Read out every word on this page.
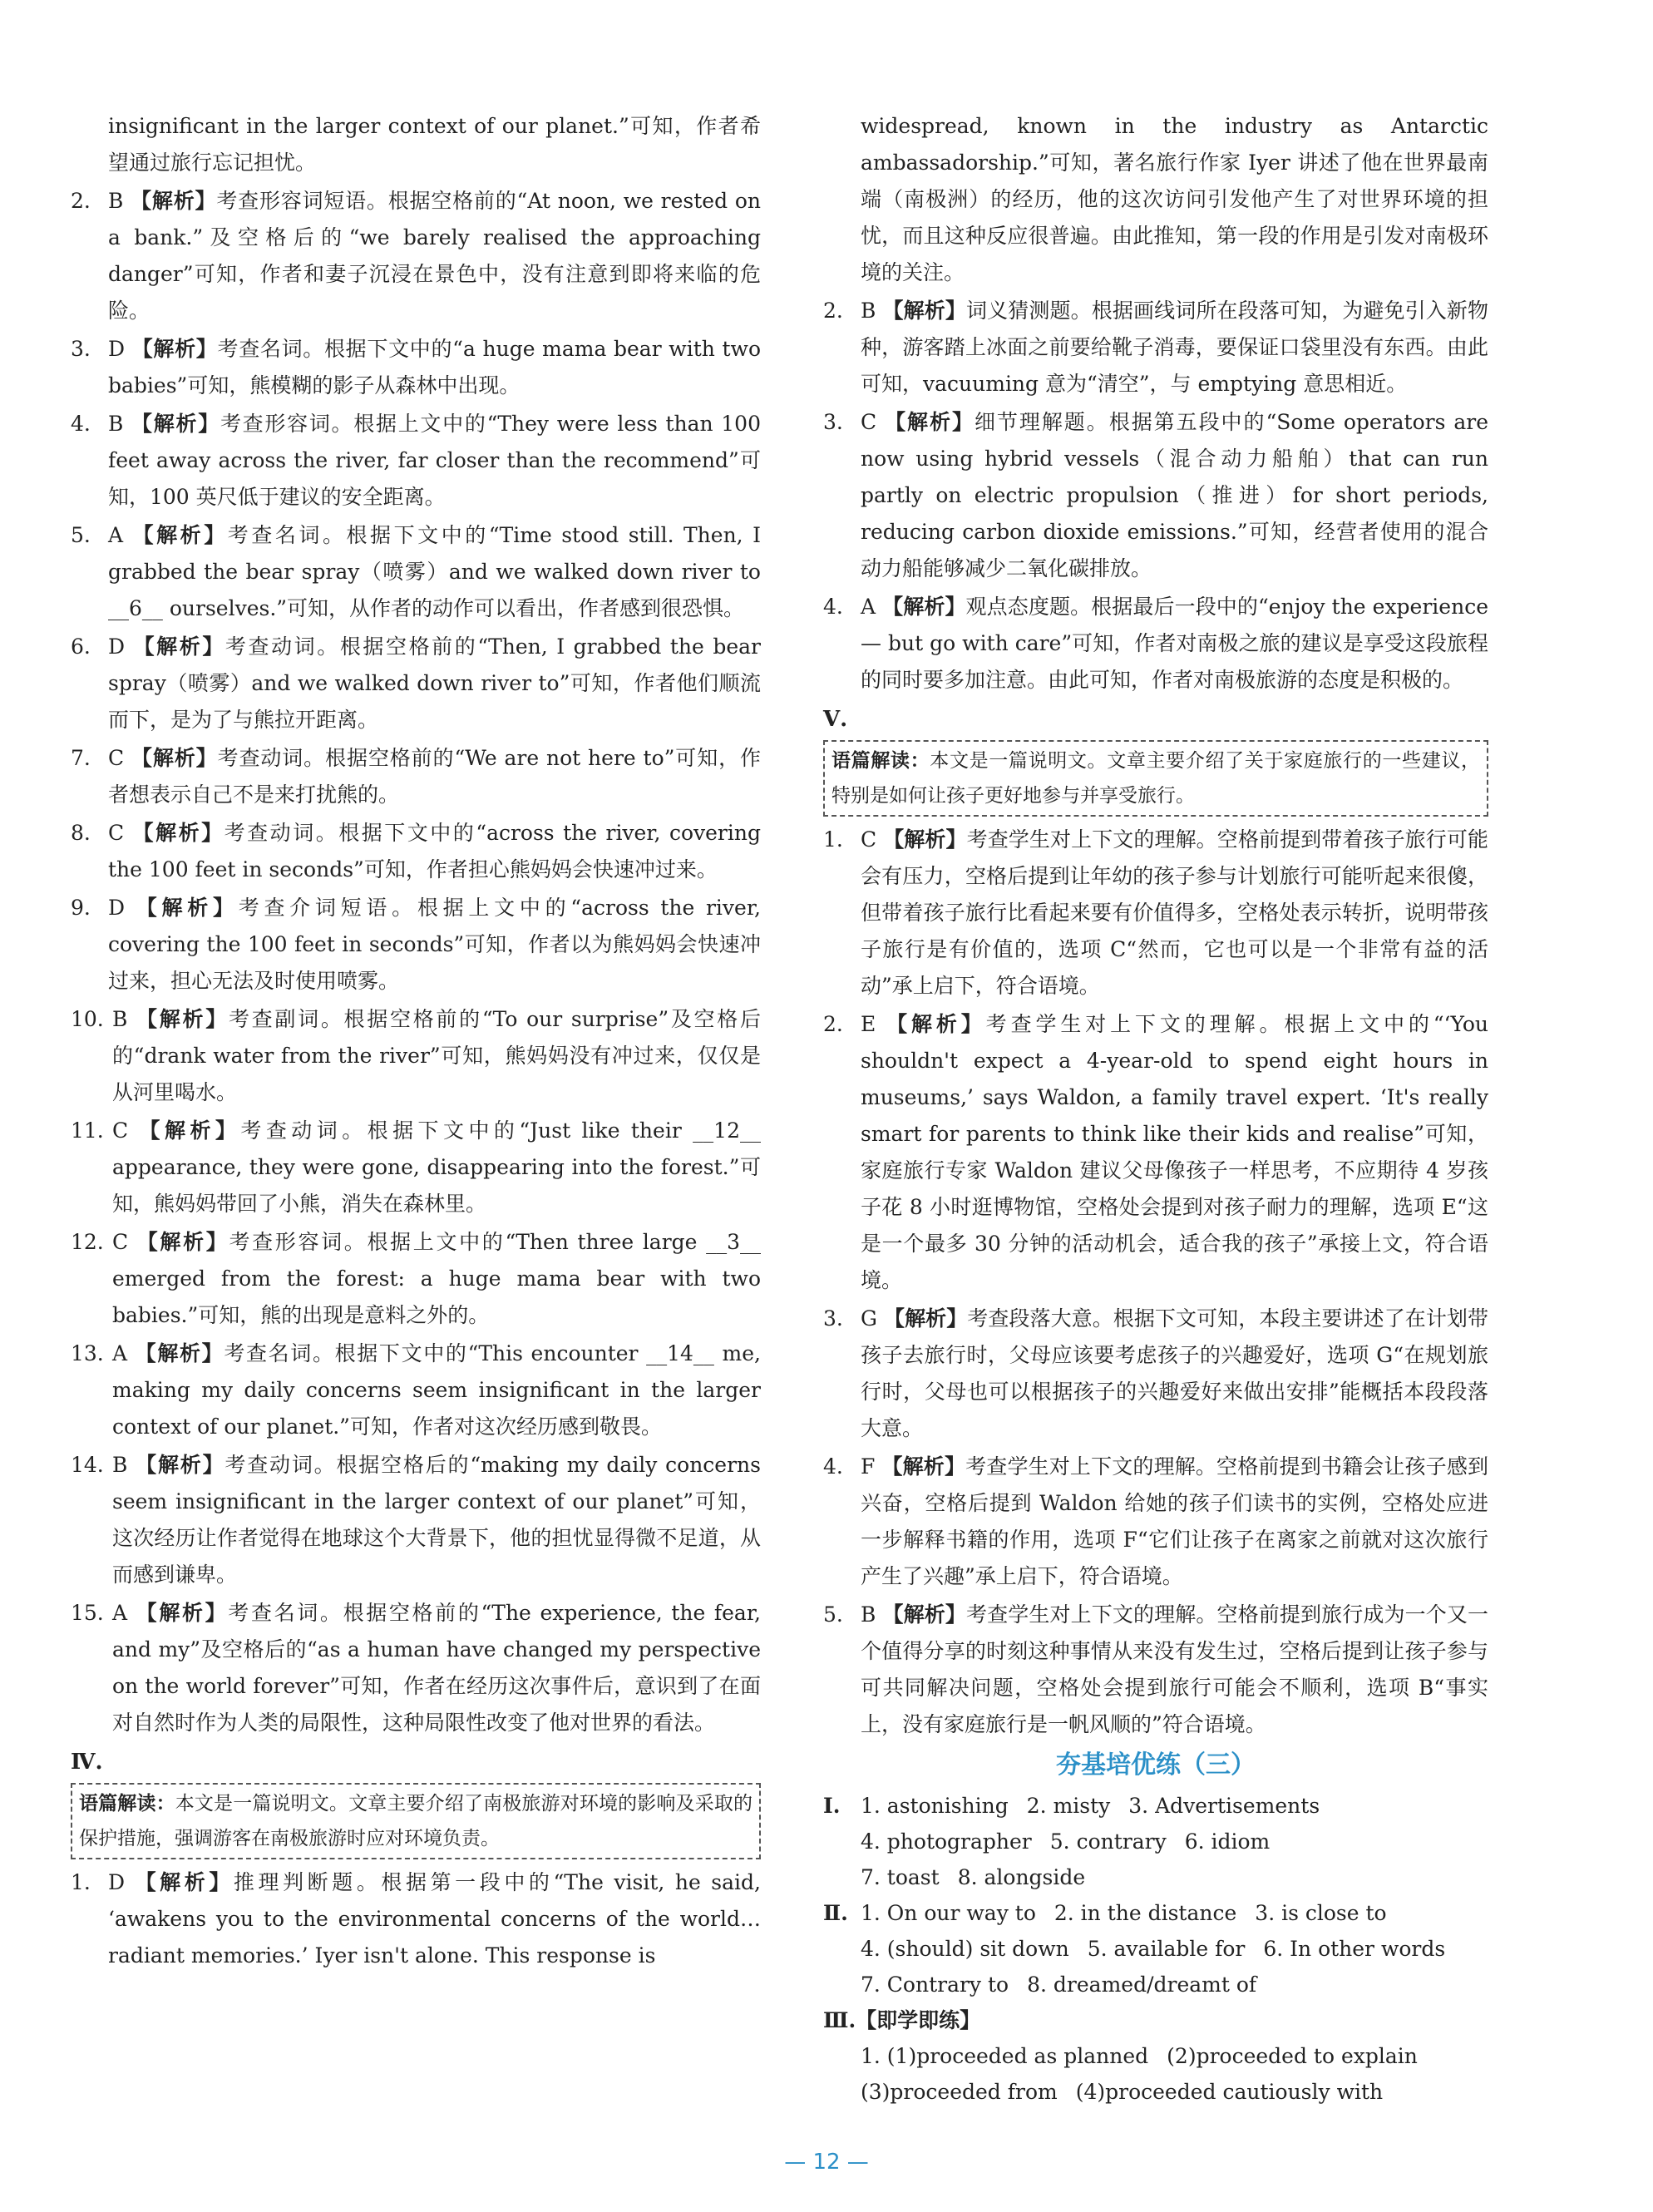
insignificant in the larger context of our planet.”可知，作者希望通过旅行忘记担忧。
2. B 【解析】考查形容词短语。根据空格前的“At noon, we rested on a bank.”及空格后的“we barely realised the approaching danger”可知，作者和妻子沉浸在景色中，没有注意到即将来临的危险。
3. D 【解析】考查名词。根据下文中的“a huge mama bear with two babies”可知，熊模糊的影子从森林中出现。
4. B 【解析】考查形容词。根据上文中的“They were less than 100 feet away across the river, far closer than the recommend”可知，100 英尺低于建议的安全距离。
5. A 【解析】考查名词。根据下文中的“Time stood still. Then, I grabbed the bear spray（喷雾）and we walked down river to __6__ ourselves.”可知，从作者的动作可以看出，作者感到很恐惧。
6. D 【解析】考查动词。根据空格前的“Then, I grabbed the bear spray（喷雾）and we walked down river to”可知，作者他们顺流而下，是为了与熊拉开距离。
7. C 【解析】考查动词。根据空格前的“We are not here to”可知，作者想表示自己不是来打扰熊的。
8. C 【解析】考查动词。根据下文中的“across the river, covering the 100 feet in seconds”可知，作者担心熊妈妈会快速冲过来。
9. D 【解析】考查介词短语。根据上文中的“across the river, covering the 100 feet in seconds”可知，作者以为熊妈妈会快速冲过来，担心无法及时使用喷雾。
10. B 【解析】考查副词。根据空格前的“To our surprise”及空格后的“drank water from the river”可知，熊妈妈没有冲过来，仅仅是从河里喝水。
11. C 【解析】考查动词。根据下文中的“Just like their __12__ appearance, they were gone, disappearing into the forest.”可知，熊妈妈带回了小熊，消失在森林里。
12. C 【解析】考查形容词。根据上文中的“Then three large __3__ emerged from the forest: a huge mama bear with two babies.”可知，熊的出现是意料之外的。
13. A 【解析】考查名词。根据下文中的“This encounter __14__ me, making my daily concerns seem insignificant in the larger context of our planet.”可知，作者对这次经历感到敬畏。
14. B 【解析】考查动词。根据空格后的“making my daily concerns seem insignificant in the larger context of our planet”可知，这次经历让作者觉得在地球这个大背景下，他的担忧显得微不足道，从而感到谦卑。
15. A 【解析】考查名词。根据空格前的“The experience, the fear, and my”及空格后的“as a human have changed my perspective on the world forever”可知，作者在经历这次事件后，意识到了在面对自然时作为人类的局限性，这种局限性改变了他对世界的看法。
Ⅳ.
语篇解读：本文是一篇说明文。文章主要介绍了南极旅游对环境的影响及采取的保护措施，强调游客在南极旅游时应对环境负责。
1. D 【解析】推理判断题。根据第一段中的“The visit, he said, ‘awakens you to the environmental concerns of the world… radiant memories.’ Iyer isn't alone. This response is
widespread, known in the industry as Antarctic ambassadorship.”可知，著名旅行作家 Iyer 讲述了他在世界最南端（南极洲）的经历，他的这次访问引发他产生了对世界环境的担忧，而且这种反应很普遍。由此推知，第一段的作用是引发对南极环境的关注。
2. B 【解析】词义猜测题。根据画线词所在段落可知，为避免引入新物种，游客踏上冰面之前要给靴子消毒，要保证口袋里没有东西。由此可知，vacuuming 意为“清空”，与 emptying 意思相近。
3. C 【解析】细节理解题。根据第五段中的“Some operators are now using hybrid vessels（混合动力船舶）that can run partly on electric propulsion（推进）for short periods, reducing carbon dioxide emissions.”可知，经营者使用的混合动力船能够减少二氧化碳排放。
4. A 【解析】观点态度题。根据最后一段中的“enjoy the experience — but go with care”可知，作者对南极之旅的建议是享受这段旅程的同时要多加注意。由此可知，作者对南极旅游的态度是积极的。
Ⅴ.
语篇解读：本文是一篇说明文。文章主要介绍了关于家庭旅行的一些建议，特别是如何让孩子更好地参与并享受旅行。
1. C 【解析】考查学生对上下文的理解。空格前提到带着孩子旅行可能会有压力，空格后提到让年幼的孩子参与计划旅行可能听起来很傻，但带着孩子旅行比看起来要有价值得多，空格处表示转折，说明带孩子旅行是有价值的，选项 C“然而，它也可以是一个非常有益的活动”承上启下，符合语境。
2. E 【解析】考查学生对上下文的理解。根据上文中的“‘You shouldn't expect a 4-year-old to spend eight hours in museums,’ says Waldon, a family travel expert. ‘It's really smart for parents to think like their kids and realise”可知，家庭旅行专家 Waldon 建议父母像孩子一样思考，不应期待 4 岁孩子花 8 小时逛博物馆，空格处会提到对孩子耐力的理解，选项 E“这是一个最多 30 分钟的活动机会，适合我的孩子”承接上文，符合语境。
3. G 【解析】考查段落大意。根据下文可知，本段主要讲述了在计划带孩子去旅行时，父母应该要考虑孩子的兴趣爱好，选项 G“在规划旅行时，父母也可以根据孩子的兴趣爱好来做出安排”能概括本段段落大意。
4. F 【解析】考查学生对上下文的理解。空格前提到书籍会让孩子感到兴奋，空格后提到 Waldon 给她的孩子们读书的实例，空格处应进一步解释书籍的作用，选项 F“它们让孩子在离家之前就对这次旅行产生了兴趣”承上启下，符合语境。
5. B 【解析】考查学生对上下文的理解。空格前提到旅行成为一个又一个值得分享的时刻这种事情从来没有发生过，空格后提到让孩子参与可共同解决问题，空格处会提到旅行可能会不顺利，选项 B“事实上，没有家庭旅行是一帆风顺的”符合语境。
夯基培优练（三）
Ⅰ. 1. astonishing 2. misty 3. Advertisements
4. photographer 5. contrary 6. idiom
7. toast 8. alongside
Ⅱ. 1. On our way to 2. in the distance 3. is close to
4. (should) sit down 5. available for 6. In other words
7. Contrary to 8. dreamed/dreamt of
Ⅲ.【即学即练】
1. (1)proceeded as planned (2)proceeded to explain
(3)proceeded from (4)proceeded cautiously with
— 12 —
